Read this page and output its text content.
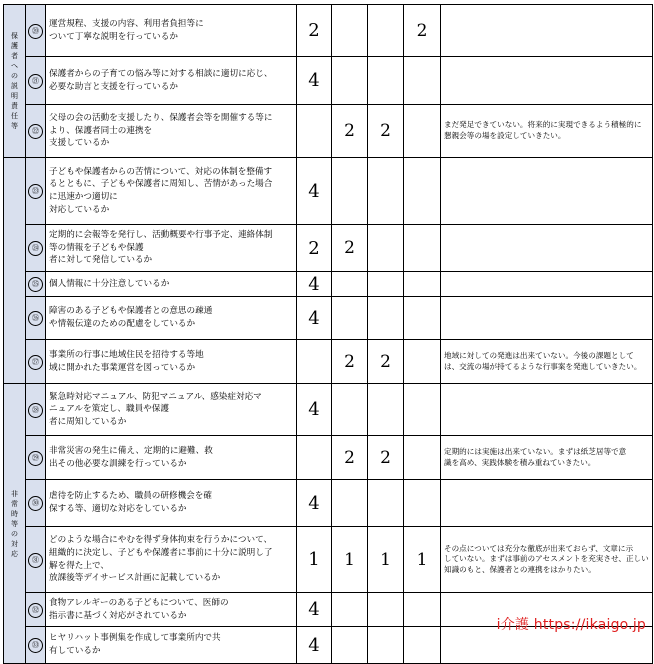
保護者への説明責任等	⑳	運営規程、支援の内容、利用者負担等に
ついて丁寧な説明を行っているか	2			2	
	㉑	保護者からの子育ての悩み等に対する相談に適切に応じ、
必要な助言と支援を行っているか	4				
	㉒	父母の会の活動を支援したり、保護者会等を開催する等に
より、保護者同士の連携を
支援しているか		2	2		まだ発足できていない。将来的に実現できるよう積極的に
懇親会等の場を設定していきたい。
	㉓	子どもや保護者からの苦情について、対応の体制を整備す
るとともに、子どもや保護者に周知し、苦情があった場合
に迅速かつ適切に
対応しているか	4				
	㉔	定期的に会報等を発行し、活動概要や行事予定、連絡体制
等の情報を子どもや保護
者に対して発信しているか	2	2			
	㉕	個人情報に十分注意しているか	4				
	㉖	障害のある子どもや保護者との意思の疎通
や情報伝達のための配慮をしているか	4				
	㉗	事業所の行事に地域住民を招待する等地
域に開かれた事業運営を図っているか		2	2		地域に対しての発進は出来ていない。今後の課題として
は、交流の場が持てるような行事案を発進していきたい。
非常時等の対応	㉘	緊急時対応マニュアル、防犯マニュアル、感染症対応マ
ニュアルを策定し、職員や保護
者に周知しているか	4				
	㉙	非常災害の発生に備え、定期的に避難、救
出その他必要な訓練を行っているか		2	2		定期的には実施は出来ていない。まずは紙芝居等で意
識を高め、実践体験を積み重ねていきたい。
	㉚	虐待を防止するため、職員の研修機会を確
保する等、適切な対応をしているか	4				
	㉛	どのような場合にやむを得ず身体拘束を行うかについて、
組織的に決定し、子どもや保護者に事前に十分に説明し了
解を得た上で、
放課後等デイサービス計画に記載しているか	1	1	1	1	その点については充分な徹底が出来ておらず、文章に示
していない。まずは事前のアセスメントを充実させ、正しい
知識のもと、保護者との連携をはかりたい。
	㉜	食物アレルギーのある子どもについて、医師の
指示書に基づく対応がされているか	4				
	㉝	ヒヤリハット事例集を作成して事業所内で共
有しているか	4				
i介護 https://ikaigo.jp
